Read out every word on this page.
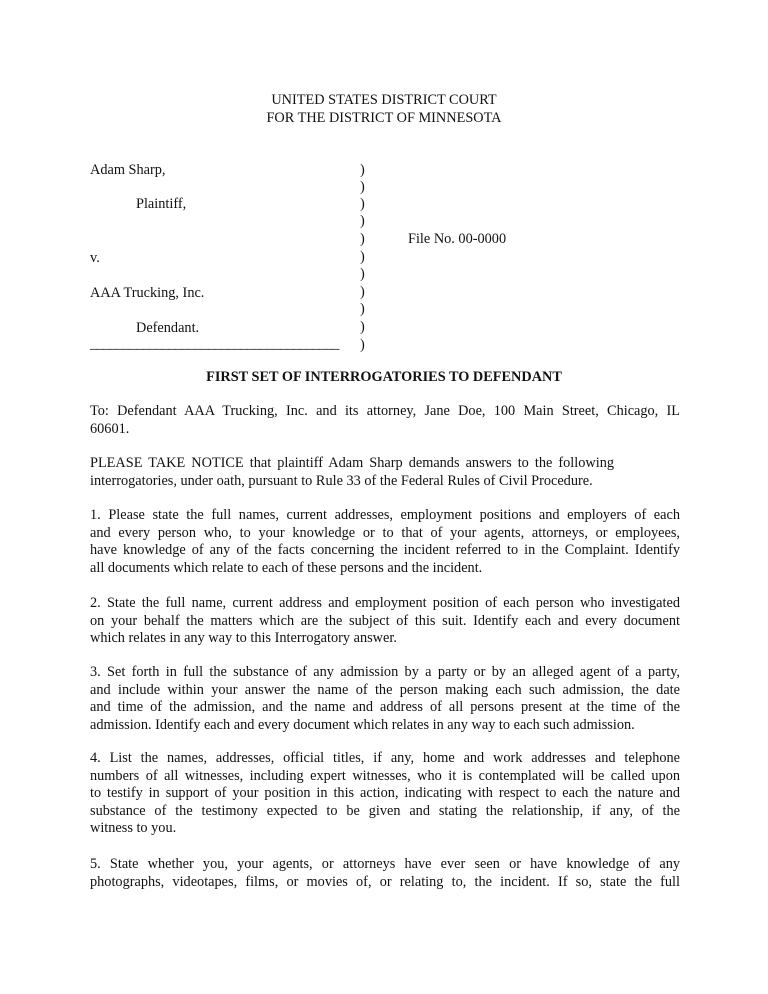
UNITED STATES DISTRICT COURT
FOR THE DISTRICT OF MINNESOTA
Adam Sharp,
Plaintiff,
v.
AAA Trucking, Inc.
Defendant.
______________________________________
File No. 00-0000
)
)
)
)
)
)
)
)
)
)
)
FIRST SET OF INTERROGATORIES TO DEFENDANT
To: Defendant AAA Trucking, Inc. and its attorney, Jane Doe, 100 Main Street, Chicago, IL
60601.
PLEASE TAKE NOTICE that plaintiff Adam Sharp demands answers to the following
interrogatories, under oath, pursuant to Rule 33 of the Federal Rules of Civil Procedure.
1. Please state the full names, current addresses, employment positions and employers of each
and every person who, to your knowledge or to that of your agents, attorneys, or employees,
have knowledge of any of the facts concerning the incident referred to in the Complaint. Identify
all documents which relate to each of these persons and the incident.
2. State the full name, current address and employment position of each person who investigated
on your behalf the matters which are the subject of this suit. Identify each and every document
which relates in any way to this Interrogatory answer.
3. Set forth in full the substance of any admission by a party or by an alleged agent of a party,
and include within your answer the name of the person making each such admission, the date
and time of the admission, and the name and address of all persons present at the time of the
admission. Identify each and every document which relates in any way to each such admission.
4. List the names, addresses, official titles, if any, home and work addresses and telephone
numbers of all witnesses, including expert witnesses, who it is contemplated will be called upon
to testify in support of your position in this action, indicating with respect to each the nature and
substance of the testimony expected to be given and stating the relationship, if any, of the
witness to you.
5. State whether you, your agents, or attorneys have ever seen or have knowledge of any
photographs, videotapes, films, or movies of, or relating to, the incident. If so, state the full
